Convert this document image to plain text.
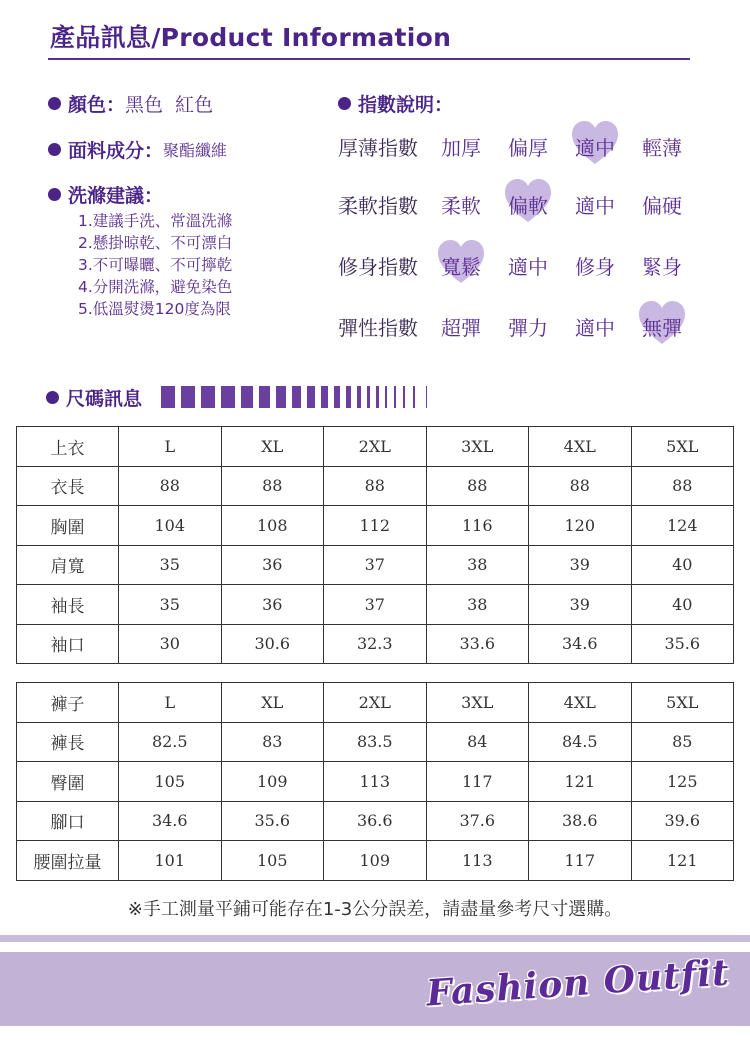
產品訊息/Product Information
顏色： 黑色  紅色
面料成分： 聚酯纖維
洗滌建議：
1.建議手洗、常溫洗滌
2.懸掛晾乾、不可漂白
3.不可曝曬、不可擰乾
4.分開洗滌，避免染色
5.低溫熨燙120度為限
指數說明：
厚薄指數	加厚	偏厚	適中	輕薄
柔軟指數	柔軟	偏軟	適中	偏硬
修身指數	寬鬆	適中	修身	緊身
彈性指數	超彈	彈力	適中	無彈
尺碼訊息
上衣	L	XL	2XL	3XL	4XL	5XL
衣長	88	88	88	88	88	88
胸圍	104	108	112	116	120	124
肩寬	35	36	37	38	39	40
袖長	35	36	37	38	39	40
袖口	30	30.6	32.3	33.6	34.6	35.6
褲子	L	XL	2XL	3XL	4XL	5XL
褲長	82.5	83	83.5	84	84.5	85
臀圍	105	109	113	117	121	125
腳口	34.6	35.6	36.6	37.6	38.6	39.6
腰圍拉量	101	105	109	113	117	121
※手工測量平鋪可能存在1-3公分誤差，請盡量參考尺寸選購。
Fashion Outfit
